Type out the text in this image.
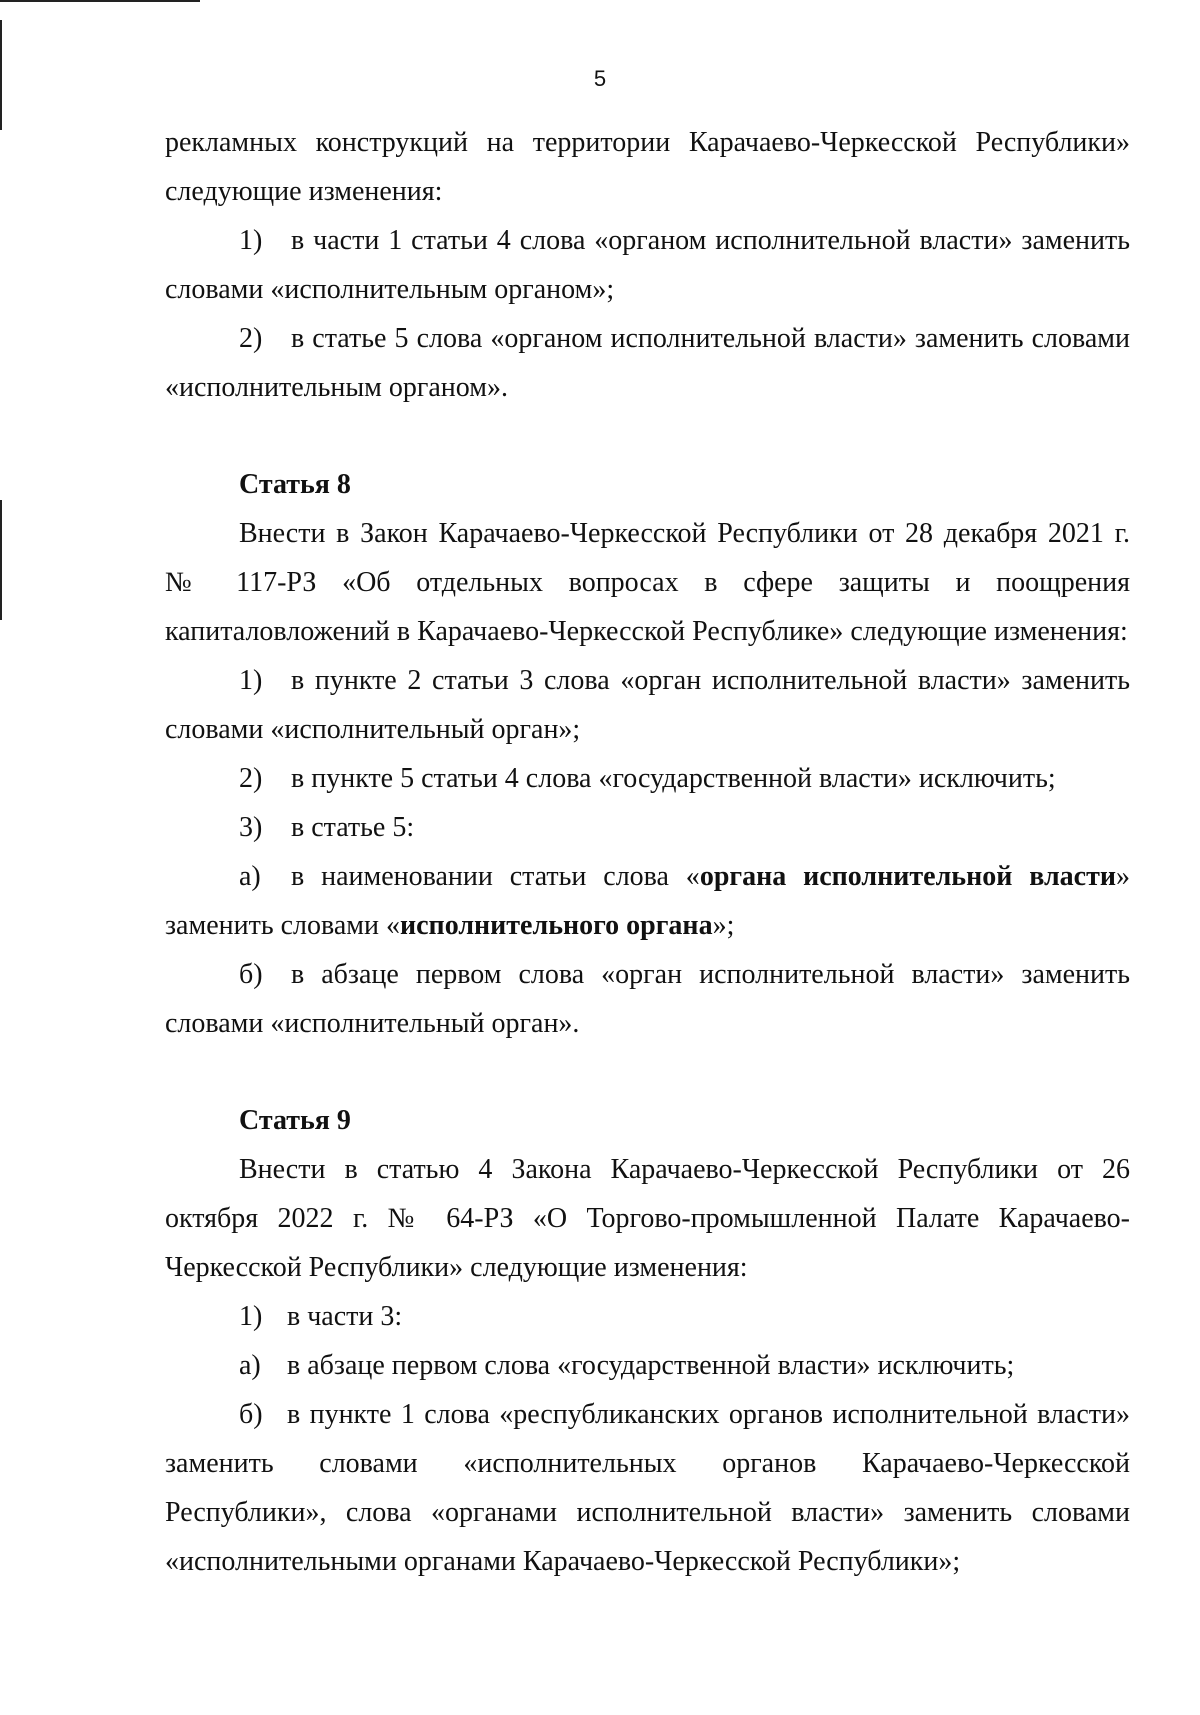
5

рекламных конструкций на территории Карачаево-Черкесской Республики» следующие изменения:

1) в части 1 статьи 4 слова «органом исполнительной власти» заменить словами «исполнительным органом»;

2) в статье 5 слова «органом исполнительной власти» заменить словами «исполнительным органом».

Статья 8

Внести в Закон Карачаево-Черкесской Республики от 28 декабря 2021 г. № 117-РЗ «Об отдельных вопросах в сфере защиты и поощрения капиталовложений в Карачаево-Черкесской Республике» следующие изменения:

1) в пункте 2 статьи 3 слова «орган исполнительной власти» заменить словами «исполнительный орган»;

2) в пункте 5 статьи 4 слова «государственной власти» исключить;

3) в статье 5:

а) в наименовании статьи слова «органа исполнительной власти» заменить словами «исполнительного органа»;

б) в абзаце первом слова «орган исполнительной власти» заменить словами «исполнительный орган».

Статья 9

Внести в статью 4 Закона Карачаево-Черкесской Республики от 26 октября 2022 г. № 64-РЗ «О Торгово-промышленной Палате Карачаево-Черкесской Республики» следующие изменения:

1) в части 3:

а) в абзаце первом слова «государственной власти» исключить;

б) в пункте 1 слова «республиканских органов исполнительной власти» заменить словами «исполнительных органов Карачаево-Черкесской Республики», слова «органами исполнительной власти» заменить словами «исполнительными органами Карачаево-Черкесской Республики»;
